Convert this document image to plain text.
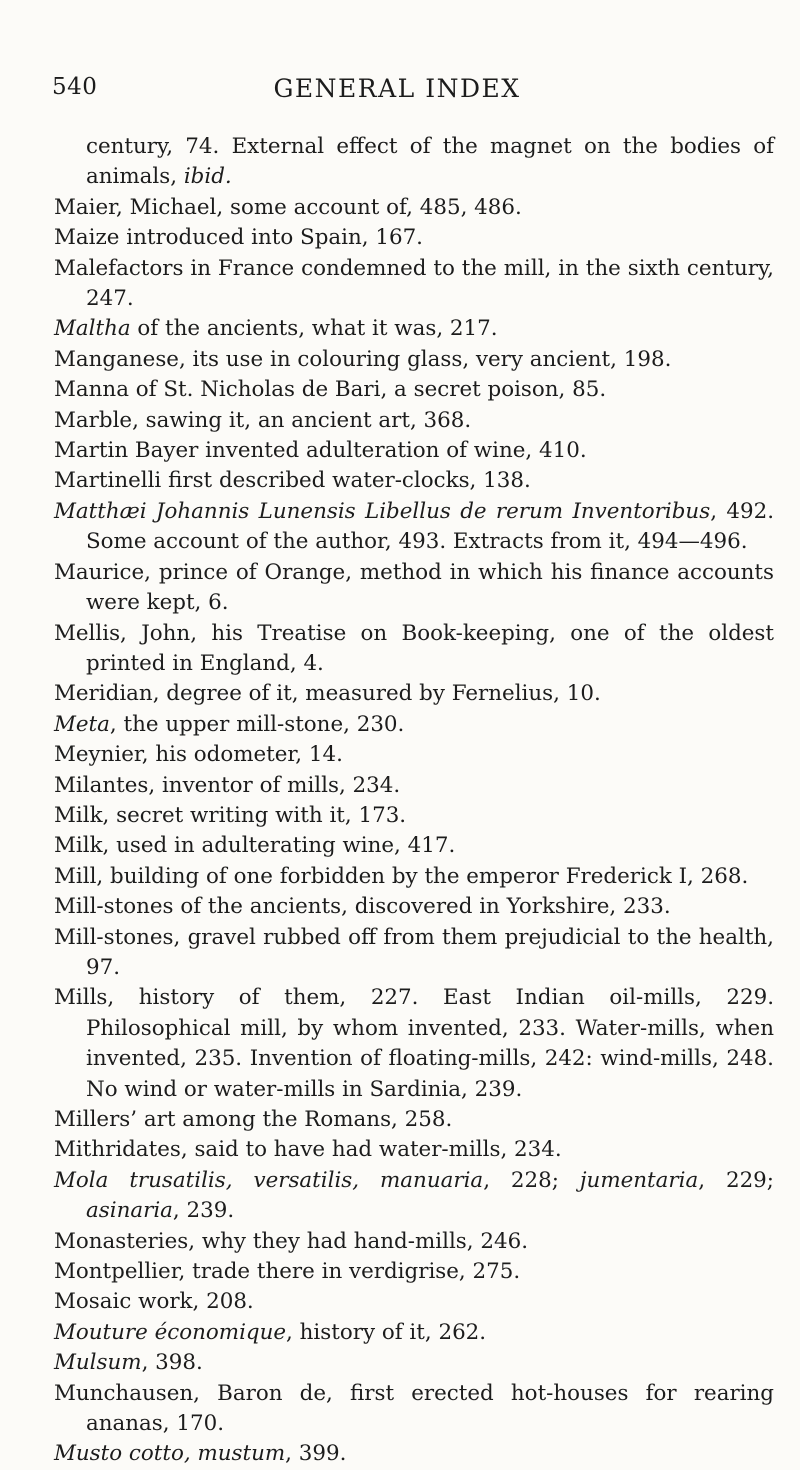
540	GENERAL INDEX
century, 74. External effect of the magnet on the bodies of animals, ibid.
Maier, Michael, some account of, 485, 486.
Maize introduced into Spain, 167.
Malefactors in France condemned to the mill, in the sixth century, 247.
Maltha of the ancients, what it was, 217.
Manganese, its use in colouring glass, very ancient, 198.
Manna of St. Nicholas de Bari, a secret poison, 85.
Marble, sawing it, an ancient art, 368.
Martin Bayer invented adulteration of wine, 410.
Martinelli first described water-clocks, 138.
Matthæi Johannis Lunensis Libellus de rerum Inventoribus, 492. Some account of the author, 493. Extracts from it, 494—496.
Maurice, prince of Orange, method in which his finance accounts were kept, 6.
Mellis, John, his Treatise on Book-keeping, one of the oldest printed in England, 4.
Meridian, degree of it, measured by Fernelius, 10.
Meta, the upper mill-stone, 230.
Meynier, his odometer, 14.
Milantes, inventor of mills, 234.
Milk, secret writing with it, 173.
Milk, used in adulterating wine, 417.
Mill, building of one forbidden by the emperor Frederick I, 268.
Mill-stones of the ancients, discovered in Yorkshire, 233.
Mill-stones, gravel rubbed off from them prejudicial to the health, 97.
Mills, history of them, 227. East Indian oil-mills, 229. Philosophical mill, by whom invented, 233. Water-mills, when invented, 235. Invention of floating-mills, 242: wind-mills, 248. No wind or water-mills in Sardinia, 239.
Millers’ art among the Romans, 258.
Mithridates, said to have had water-mills, 234.
Mola trusatilis, versatilis, manuaria, 228; jumentaria, 229; asinaria, 239.
Monasteries, why they had hand-mills, 246.
Montpellier, trade there in verdigrise, 275.
Mosaic work, 208.
Mouture économique, history of it, 262.
Mulsum, 398.
Munchausen, Baron de, first erected hot-houses for rearing ananas, 170.
Musto cotto, mustum, 399.
